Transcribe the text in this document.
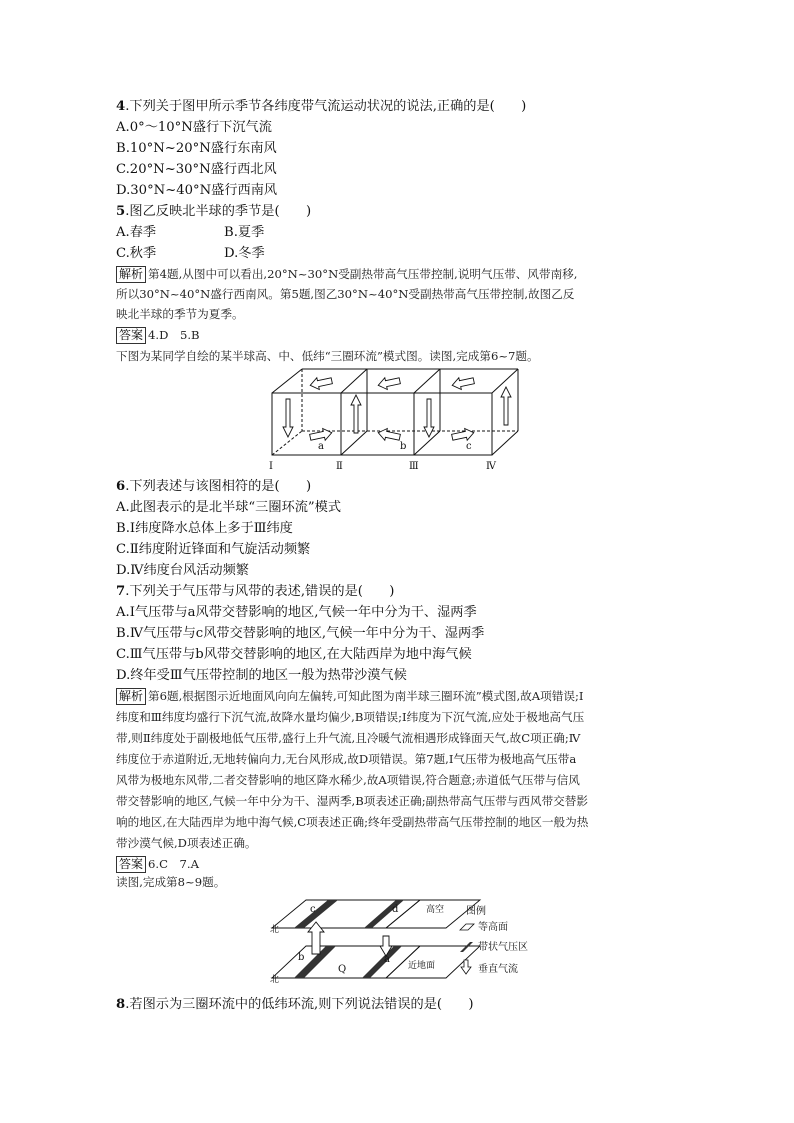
4.下列关于图甲所示季节各纬度带气流运动状况的说法,正确的是(　　)
A.0°～10°N盛行下沉气流
B.10°N~20°N盛行东南风
C.20°N~30°N盛行西北风
D.30°N~40°N盛行西南风
5.图乙反映北半球的季节是(　　)
A.春季	B.夏季
C.秋季	D.冬季
解析 第4题,从图中可以看出,20°N~30°N受副热带高气压带控制,说明气压带、风带南移,
所以30°N~40°N盛行西南风。第5题,图乙30°N~40°N受副热带高气压带控制,故图乙反
映北半球的季节为夏季。
答案 4.D　5.B
下图为某同学自绘的某半球高、中、低纬“三圈环流”模式图。读图,完成第6~7题。
a	b	c
Ⅰ	Ⅱ	Ⅲ	Ⅳ
6.下列表述与该图相符的是(　　)
A.此图表示的是北半球“三圈环流”模式
B.Ⅰ纬度降水总体上多于Ⅲ纬度
C.Ⅱ纬度附近锋面和气旋活动频繁
D.Ⅳ纬度台风活动频繁
7.下列关于气压带与风带的表述,错误的是(　　)
A.Ⅰ气压带与a风带交替影响的地区,气候一年中分为干、湿两季
B.Ⅳ气压带与c风带交替影响的地区,气候一年中分为干、湿两季
C.Ⅲ气压带与b风带交替影响的地区,在大陆西岸为地中海气候
D.终年受Ⅲ气压带控制的地区一般为热带沙漠气候
解析 第6题,根据图示近地面风向向左偏转,可知此图为南半球三圈环流”模式图,故A项错误;Ⅰ
纬度和Ⅲ纬度均盛行下沉气流,故降水量均偏少,B项错误;Ⅰ纬度为下沉气流,应处于极地高气压
带,则Ⅱ纬度处于副极地低气压带,盛行上升气流,且冷暖气流相遇形成锋面天气,故C项正确;Ⅳ
纬度位于赤道附近,无地转偏向力,无台风形成,故D项错误。第7题,Ⅰ气压带为极地高气压带a
风带为极地东风带,二者交替影响的地区降水稀少,故A项错误,符合题意;赤道低气压带与信风
带交替影响的地区,气候一年中分为干、湿两季,B项表述正确;副热带高气压带与西风带交替影
响的地区,在大陆西岸为地中海气候,C项表述正确;终年受副热带高气压带控制的地区一般为热
带沙漠气候,D项表述正确。
答案 6.C　7.A
读图,完成第8~9题。
c	d
b	a
Q
北
北
高空
近地面
图例
等高面
带状气压区
垂直气流
8.若图示为三圈环流中的低纬环流,则下列说法错误的是(　　)
